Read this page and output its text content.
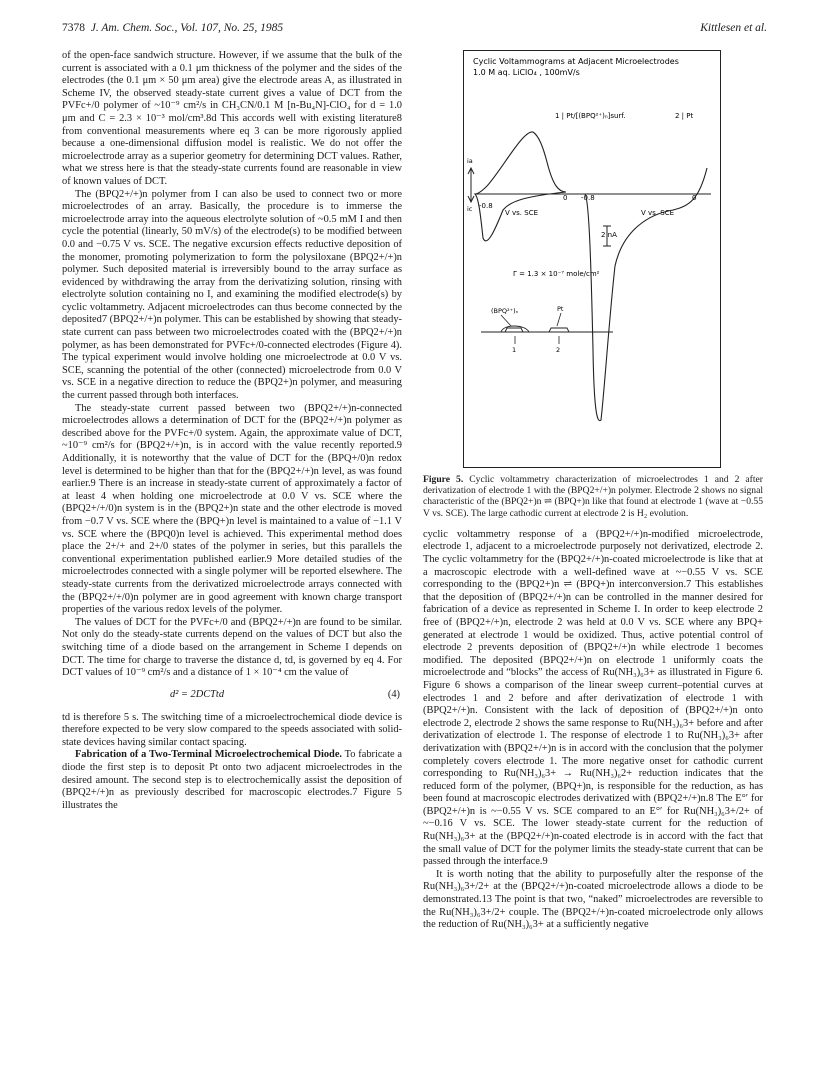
7378 J. Am. Chem. Soc., Vol. 107, No. 25, 1985	Kittlesen et al.

of the open-face sandwich structure. However, if we assume that the bulk of the current is associated with a 0.1 μm thickness of the polymer and the sides of the electrodes (the 0.1 μm × 50 μm area) give the electrode areas A, as illustrated in Scheme IV, the observed steady-state current gives a value of DCT from the PVFc+/0 polymer of ~10⁻⁹ cm²/s in CH₃CN/0.1 M [n-Bu₄N]-ClO₄ for d = 1.0 μm and C = 2.3 × 10⁻³ mol/cm³.8d This accords well with existing literature8 from conventional measurements where eq 3 can be more rigorously applied because a one-dimensional diffusion model is realistic. We do not offer the microelectrode array as a superior geometry for determining DCT values. Rather, what we stress here is that the steady-state currents found are reasonable in view of known values of DCT.

The (BPQ2+/+)n polymer from I can also be used to connect two or more microelectrodes of an array. Basically, the procedure is to immerse the microelectrode array into the aqueous electrolyte solution of ~0.5 mM I and then cycle the potential (linearly, 50 mV/s) of the electrode(s) to be modified between 0.0 and −0.75 V vs. SCE. The negative excursion effects reductive deposition of the monomer, promoting polymerization to form the polysiloxane (BPQ2+/+)n polymer. Such deposited material is irreversibly bound to the array surface as evidenced by withdrawing the array from the derivatizing solution, rinsing with electrolyte solution containing no I, and examining the modified electrode(s) by cyclic voltammetry. Adjacent microelectrodes can thus become connected by the deposited7 (BPQ2+/+)n polymer. This can be established by showing that steady-state current can pass between two microelectrodes coated with the (BPQ2+/+)n polymer, as has been demonstrated for PVFc+/0-connected electrodes (Figure 4). The typical experiment would involve holding one microelectrode at 0.0 V vs. SCE, scanning the potential of the other (connected) microelectrode from 0.0 V vs. SCE in a negative direction to reduce the (BPQ2+)n polymer, and measuring the current passed through both interfaces.

The steady-state current passed between two (BPQ2+/+)n-connected microelectrodes allows a determination of DCT for the (BPQ2+/+)n polymer as described above for the PVFc+/0 system. Again, the approximate value of DCT, ~10⁻⁹ cm²/s for (BPQ2+/+)n, is in accord with the value recently reported.9 Additionally, it is noteworthy that the value of DCT for the (BPQ+/0)n redox level is determined to be higher than that for the (BPQ2+/+)n level, as was found earlier.9 There is an increase in steady-state current of approximately a factor of at least 4 when holding one microelectrode at 0.0 V vs. SCE where the (BPQ2+/+/0)n system is in the (BPQ2+)n state and the other electrode is moved from −0.7 V vs. SCE where the (BPQ+)n level is maintained to a value of −1.1 V vs. SCE where the (BPQ0)n level is achieved. This experimental method does place the 2+/+ and 2+/0 states of the polymer in series, but this parallels the conventional experimentation published earlier.9 More detailed studies of the microelectrodes connected with a single polymer will be reported elsewhere. The steady-state currents from the derivatized microelectrode arrays connected with the (BPQ2+/+/0)n polymer are in good agreement with known charge transport properties of the various redox levels of the polymer.

The values of DCT for the PVFc+/0 and (BPQ2+/+)n are found to be similar. Not only do the steady-state currents depend on the values of DCT but also the switching time of a diode based on the arrangement in Scheme I depends on DCT. The time for charge to traverse the distance d, td, is governed by eq 4. For DCT values of 10⁻⁹ cm²/s and a distance of 1 × 10⁻⁴ cm the value of

d² = 2DCTtd	(4)

td is therefore 5 s. The switching time of a microelectrochemical diode device is therefore expected to be very slow compared to the speeds associated with solid-state devices having similar contact spacing.

Fabrication of a Two-Terminal Microelectrochemical Diode. To fabricate a diode the first step is to deposit Pt onto two adjacent microelectrodes in the desired amount. The second step is to electrochemically assist the deposition of (BPQ2+/+)n as previously described for macroscopic electrodes.7 Figure 5 illustrates the

Cyclic Voltammograms at Adjacent Microelectrodes
1.0 M aq. LiClO₄ , 100mV/s
1 | Pt/[(BPQ²⁺)ₙ]surf.	2 | Pt
ia
ic -0.8
V vs. SCE
0 -0.8
V vs. SCE
0
2 nA
Γ = 1.3 × 10⁻⁷ mole/cm²
(BPQ²⁺)ₙ	Pt
1	2
Figure 5. Cyclic voltammetry characterization of microelectrodes 1 and 2 after derivatization of electrode 1 with the (BPQ2+/+)n polymer. Electrode 2 shows no signal characteristic of the (BPQ2+)n ⇌ (BPQ+)n like that found at electrode 1 (wave at −0.55 V vs. SCE). The large cathodic current at electrode 2 is H₂ evolution.

cyclic voltammetry response of a (BPQ2+/+)n-modified microelectrode, electrode 1, adjacent to a microelectrode purposely not derivatized, electrode 2. The cyclic voltammetry for the (BPQ2+/+)n-coated microelectrode is like that at a macroscopic electrode with a well-defined wave at ~−0.55 V vs. SCE corresponding to the (BPQ2+)n ⇌ (BPQ+)n interconversion.7 This establishes that the deposition of (BPQ2+/+)n can be controlled in the manner desired for fabrication of a device as represented in Scheme I. In order to keep electrode 2 free of (BPQ2+/+)n, electrode 2 was held at 0.0 V vs. SCE where any BPQ+ generated at electrode 1 would be oxidized. Thus, active potential control of electrode 2 prevents deposition of (BPQ2+/+)n while electrode 1 becomes modified. The deposited (BPQ2+/+)n on electrode 1 uniformly coats the microelectrode and “blocks” the access of Ru(NH₃)₆3+ as illustrated in Figure 6. Figure 6 shows a comparison of the linear sweep current–potential curves at electrodes 1 and 2 before and after derivatization of electrode 1 with (BPQ2+/+)n. Consistent with the lack of deposition of (BPQ2+/+)n onto electrode 2, electrode 2 shows the same response to Ru(NH₃)₆3+ before and after derivatization of electrode 1. The response of electrode 1 to Ru(NH₃)₆3+ after derivatization with (BPQ2+/+)n is in accord with the conclusion that the polymer completely covers electrode 1. The more negative onset for cathodic current corresponding to Ru(NH₃)₆3+ → Ru(NH₃)₆2+ reduction indicates that the reduced form of the polymer, (BPQ+)n, is responsible for the reduction, as has been found at macroscopic electrodes derivatized with (BPQ2+/+)n.8 The E°′ for (BPQ2+/+)n is ~−0.55 V vs. SCE compared to an E°′ for Ru(NH₃)₆3+/2+ of ~−0.16 V vs. SCE. The lower steady-state current for the reduction of Ru(NH₃)₆3+ at the (BPQ2+/+)n-coated electrode is in accord with the fact that the small value of DCT for the polymer limits the steady-state current that can be passed through the interface.9

It is worth noting that the ability to purposefully alter the response of the Ru(NH₃)₆3+/2+ at the (BPQ2+/+)n-coated microelectrode allows a diode to be demonstrated.13 The point is that two, “naked” microelectrodes are reversible to the Ru(NH₃)₆3+/2+ couple. The (BPQ2+/+)n-coated microelectrode only allows the reduction of Ru(NH₃)₆3+ at a sufficiently negative
